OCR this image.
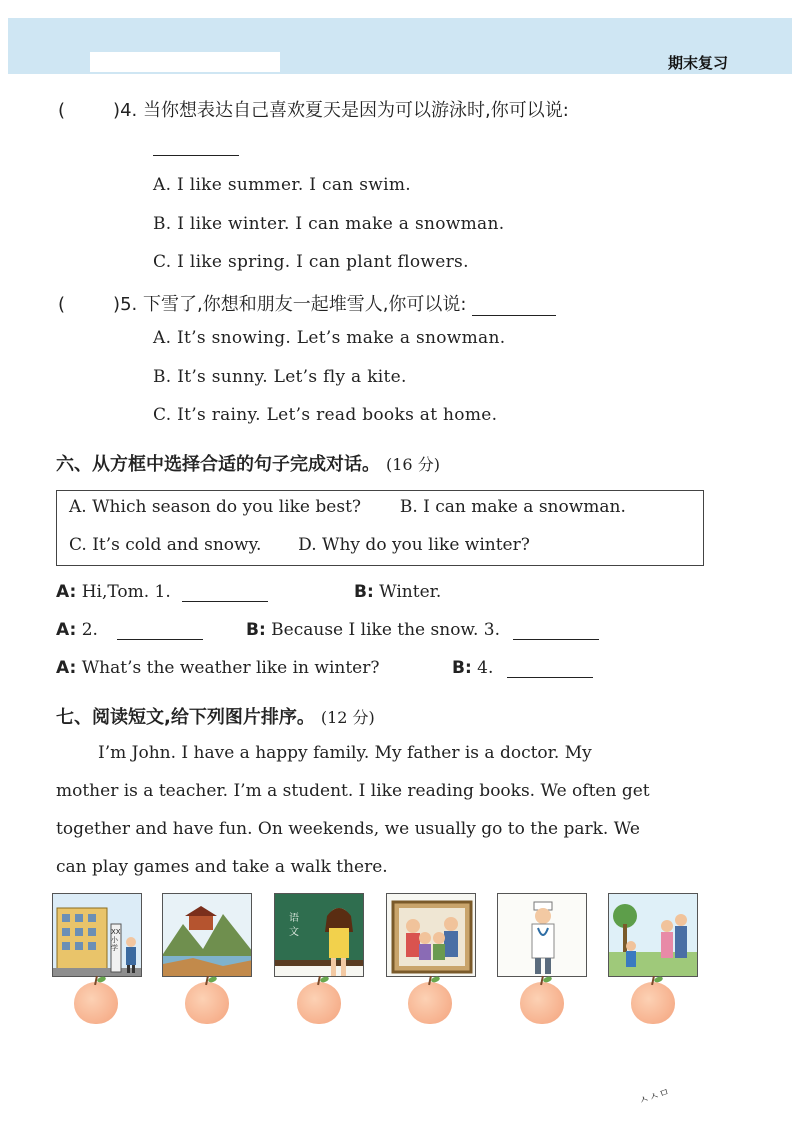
期末复习
(	)4. 当你想表达自己喜欢夏天是因为可以游泳时,你可以说:
A. I like summer. I can swim.
B. I like winter. I can make a snowman.
C. I like spring. I can plant flowers.
(	)5. 下雪了,你想和朋友一起堆雪人,你可以说:
A. It’s snowing. Let’s make a snowman.
B. It’s sunny. Let’s fly a kite.
C. It’s rainy. Let’s read books at home.
六、从方框中选择合适的句子完成对话。 (16 分)
A. Which season do you like best? B. I can make a snowman.
C. It’s cold and snowy. D. Why do you like winter?
A: Hi,Tom. 1.	B: Winter.
A: 2.	B: Because I like the snow. 3.
A: What’s the weather like in winter?	B: 4.
七、阅读短文,给下列图片排序。 (12 分)
I’m John. I have a happy family. My father is a doctor. My
mother is a teacher. I’m a student. I like reading books. We often get
together and have fun. On weekends, we usually go to the park. We
can play games and take a walk there.
XX小学
语文
ㅅㅅㅁ
